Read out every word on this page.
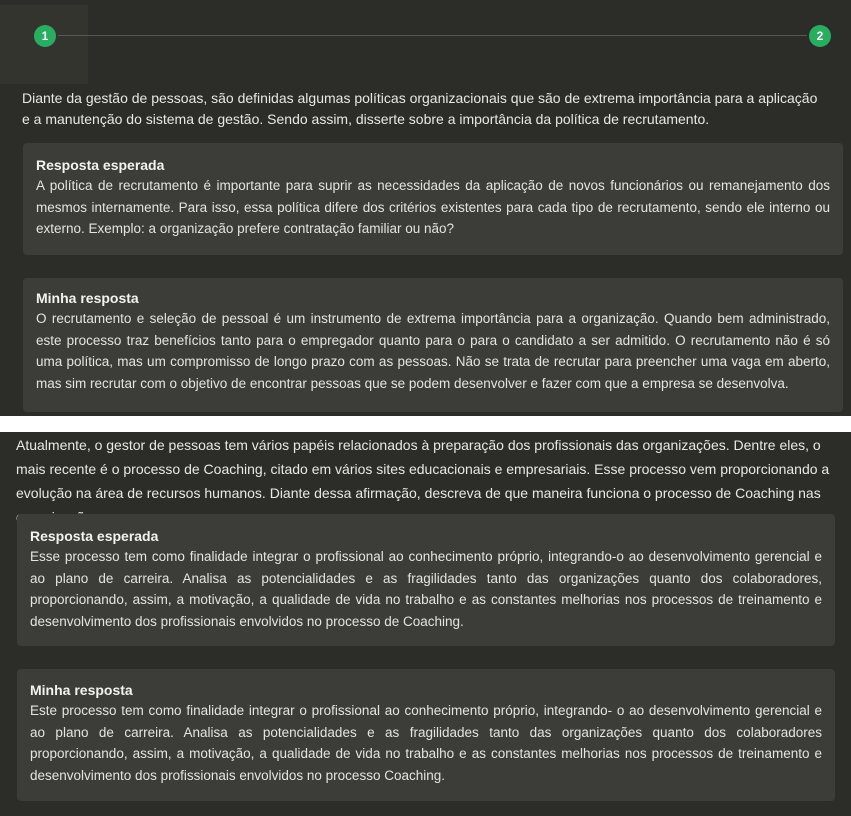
1	2

Diante da gestão de pessoas, são definidas algumas políticas organizacionais que são de extrema importância para a aplicação e a manutenção do sistema de gestão. Sendo assim, disserte sobre a importância da política de recrutamento.

Resposta esperada
A política de recrutamento é importante para suprir as necessidades da aplicação de novos funcionários ou remanejamento dos mesmos internamente. Para isso, essa política difere dos critérios existentes para cada tipo de recrutamento, sendo ele interno ou externo. Exemplo: a organização prefere contratação familiar ou não?
Minha resposta
O recrutamento e seleção de pessoal é um instrumento de extrema importância para a organização. Quando bem administrado, este processo traz benefícios tanto para o empregador quanto para o para o candidato a ser admitido. O recrutamento não é só uma política, mas um compromisso de longo prazo com as pessoas. Não se trata de recrutar para preencher uma vaga em aberto, mas sim recrutar com o objetivo de encontrar pessoas que se podem desenvolver e fazer com que a empresa se desenvolva.

Atualmente, o gestor de pessoas tem vários papéis relacionados à preparação dos profissionais das organizações. Dentre eles, o mais recente é o processo de Coaching, citado em vários sites educacionais e empresariais. Esse processo vem proporcionando a evolução na área de recursos humanos. Diante dessa afirmação, descreva de que maneira funciona o processo de Coaching nas

Resposta esperada
Esse processo tem como finalidade integrar o profissional ao conhecimento próprio, integrando-o ao desenvolvimento gerencial e ao plano de carreira. Analisa as potencialidades e as fragilidades tanto das organizações quanto dos colaboradores, proporcionando, assim, a motivação, a qualidade de vida no trabalho e as constantes melhorias nos processos de treinamento e desenvolvimento dos profissionais envolvidos no processo de Coaching.
Minha resposta
Este processo tem como finalidade integrar o profissional ao conhecimento próprio, integrando- o ao desenvolvimento gerencial e ao plano de carreira. Analisa as potencialidades e as fragilidades tanto das organizações quanto dos colaboradores proporcionando, assim, a motivação, a qualidade de vida no trabalho e as constantes melhorias nos processos de treinamento e desenvolvimento dos profissionais envolvidos no processo Coaching.
